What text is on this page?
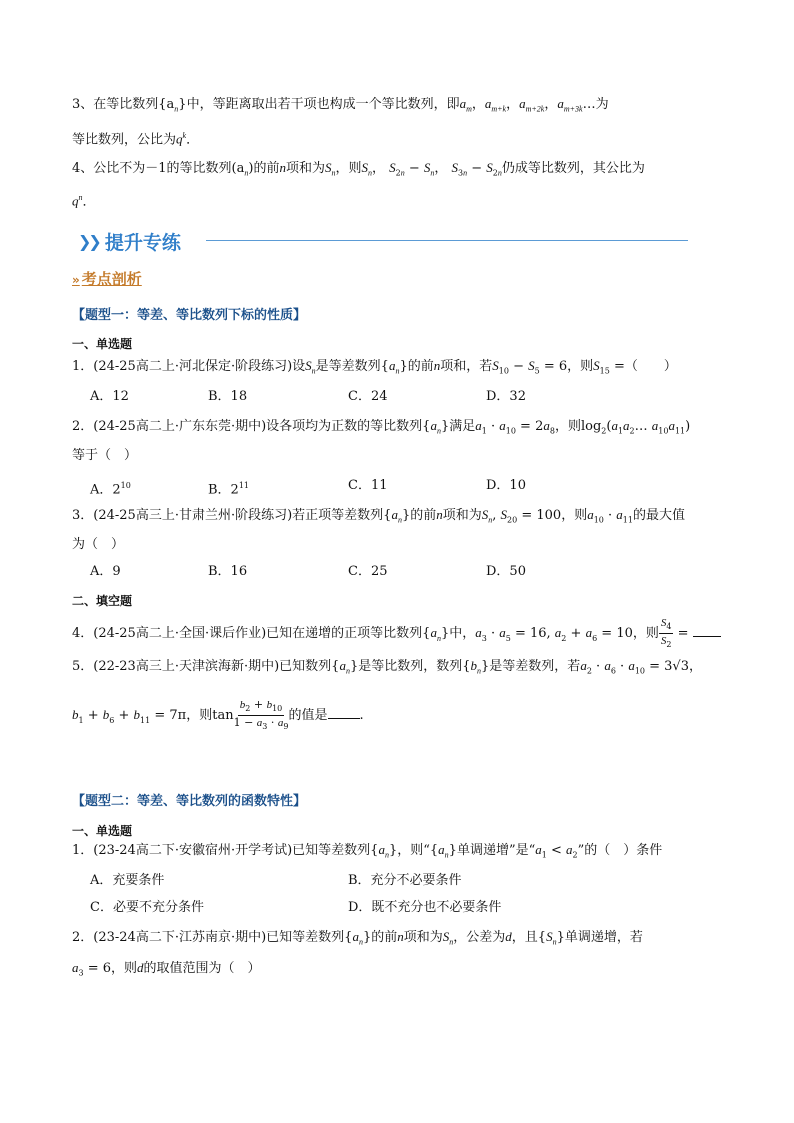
3、在等比数列$\{a_n\}$中，等距离取出若干项也构成一个等比数列，即$a_m$，$a_{m+k}$，$a_{m+2k}$，$a_{m+3k}\dots$为
等比数列，公比为$q^k$．
4、公比不为－1的等比数列$(a_n)$的前n项和为$S_n$，则$S_n$， $S_{2n} - S_n$， $S_{3n} - S_{2n}$仍成等比数列，其公比为
$q^n$．
❯❯ 提升专练
» 考点剖析
【题型一：等差、等比数列下标的性质】
一、单选题
1．(24-25高二上·河北保定·阶段练习)设$S_n$是等差数列$\{a_n\}$的前n项和，若$S_{10} - S_5 = 6$，则$S_{15}$ =（　　）
A．12	B．18	C．24	D．32
2．(24-25高二上·广东东莞·期中)设各项均为正数的等比数列$\{a_n\}$满足$a_1 \cdot a_{10} = 2a_8$，则$\log_2(a_1a_2\dots$ $a_{10}a_{11}$)
等于（　）
A．$2^{10}$	B．$2^{11}$	C．11	D．10
3．(24-25高三上·甘肃兰州·阶段练习)若正项等差数列$\{a_n\}$的前n项和为$S_n$, $S_{20} = 100$，则$a_{10} \cdot a_{11}$的最大值
为（　）
A．9	B．16	C．25	D．50
二、填空题
4．(24-25高二上·全国·课后作业)已知在递增的正项等比数列$\{a_n\}$中，$a_3 \cdot a_5 = 16$, $a_2 + a_6 = 10$，则 $\frac{S_4}{S_2}$ =
5．(22-23高三上·天津滨海新·期中)已知数列$\{a_n\}$是等比数列，数列$\{b_n\}$是等差数列，若$a_2 \cdot a_6 \cdot a_{10} = 3√3$，
$b_1 + b_6 + b_{11} = 7\pi$，则$\tan \frac{b_2 + b_{10}}{1 - a_3 \cdot a_9}$ 的值是 .
【题型二：等差、等比数列的函数特性】
一、单选题
1．(23-24高二下·安徽宿州·开学考试)已知等差数列$\{a_n\}$，则“$\{a_n\}$单调递增”是“$a_1 < a_2$”的（　）条件
A．充要条件	B．充分不必要条件
C．必要不充分条件	D．既不充分也不必要条件
2．(23-24高二下·江苏南京·期中)已知等差数列$\{a_n\}$的前n项和为$S_n$，公差为d，且$\{S_n\}$单调递增，若
$a_3 = 6$，则d的取值范围为（　）
